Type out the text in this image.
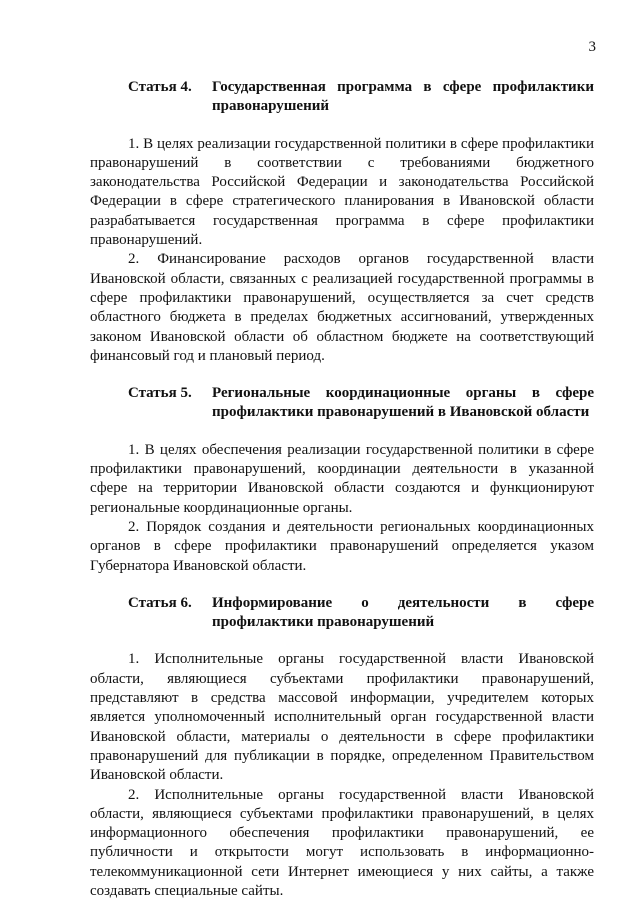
3
Статья 4.	Государственная программа в сфере профилактики правонарушений

1. В целях реализации государственной политики в сфере профилактики правонарушений в соответствии с требованиями бюджетного законодательства Российской Федерации и законодательства Российской Федерации в сфере стратегического планирования в Ивановской области разрабатывается государственная программа в сфере профилактики правонарушений.

2. Финансирование расходов органов государственной власти Ивановской области, связанных с реализацией государственной программы в сфере профилактики правонарушений, осуществляется за счет средств областного бюджета в пределах бюджетных ассигнований, утвержденных законом Ивановской области об областном бюджете на соответствующий финансовый год и плановый период.

Статья 5.	Региональные координационные органы в сфере профилактики правонарушений в Ивановской области

1. В целях обеспечения реализации государственной политики в сфере профилактики правонарушений, координации деятельности в указанной сфере на территории Ивановской области создаются и функционируют региональные координационные органы.

2. Порядок создания и деятельности региональных координационных органов в сфере профилактики правонарушений определяется указом Губернатора Ивановской области.

Статья 6.	Информирование о деятельности в сфере профилактики правонарушений

1. Исполнительные органы государственной власти Ивановской области, являющиеся субъектами профилактики правонарушений, представляют в средства массовой информации, учредителем которых является уполномоченный исполнительный орган государственной власти Ивановской области, материалы о деятельности в сфере профилактики правонарушений для публикации в порядке, определенном Правительством Ивановской области.

2. Исполнительные органы государственной власти Ивановской области, являющиеся субъектами профилактики правонарушений, в целях информационного обеспечения профилактики правонарушений, ее публичности и открытости могут использовать в информационно-телекоммуникационной сети Интернет имеющиеся у них сайты, а также создавать специальные сайты.
